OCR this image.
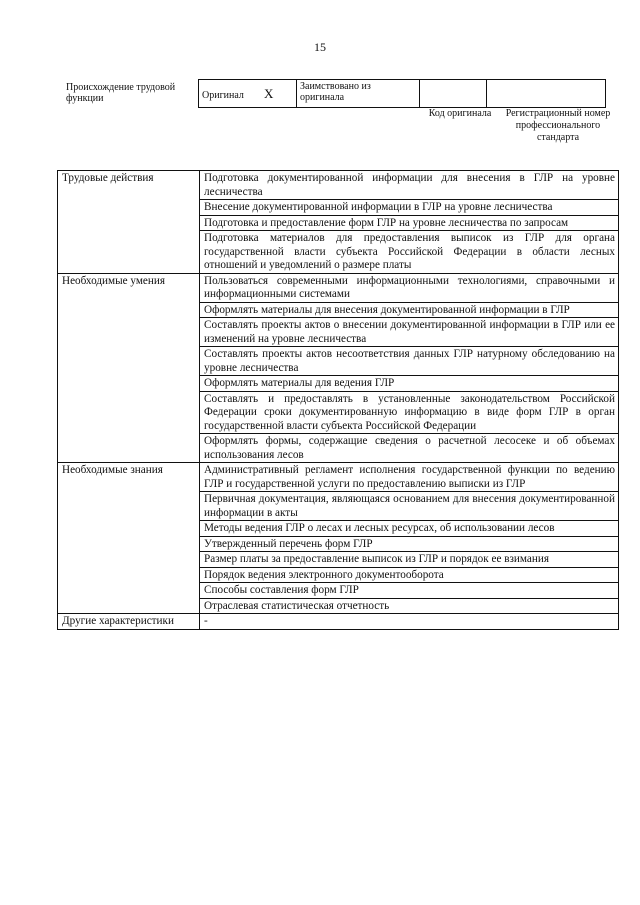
15
Происхождение трудовой функции	Оригинал X	Заимствовано из оригинала		
Код оригинала	Регистрационный номер профессионального стандарта
Трудовые действия	Подготовка документированной информации для внесения в ГЛР на уровне лесничества
	Внесение документированной информации в ГЛР на уровне лесничества
	Подготовка и предоставление форм ГЛР на уровне лесничества по запросам
	Подготовка материалов для предоставления выписок из ГЛР для органа государственной власти субъекта Российской Федерации в области лесных отношений и уведомлений о размере платы
Необходимые умения	Пользоваться современными информационными технологиями, справочными и информационными системами
	Оформлять материалы для внесения документированной информации в ГЛР
	Составлять проекты актов о внесении документированной информации в ГЛР или ее изменений на уровне лесничества
	Составлять проекты актов несоответствия данных ГЛР натурному обследованию на уровне лесничества
	Оформлять материалы для ведения ГЛР
	Составлять и предоставлять в установленные законодательством Российской Федерации сроки документированную информацию в виде форм ГЛР в орган государственной власти субъекта Российской Федерации
	Оформлять формы, содержащие сведения о расчетной лесосеке и об объемах использования лесов
Необходимые знания	Административный регламент исполнения государственной функции по ведению ГЛР и государственной услуги по предоставлению выписки из ГЛР
	Первичная документация, являющаяся основанием для внесения документированной информации в акты
	Методы ведения ГЛР о лесах и лесных ресурсах, об использовании лесов
	Утвержденный перечень форм ГЛР
	Размер платы за предоставление выписок из ГЛР и порядок ее взимания
	Порядок ведения электронного документооборота
	Способы составления форм ГЛР
	Отраслевая статистическая отчетность
Другие характеристики	-
